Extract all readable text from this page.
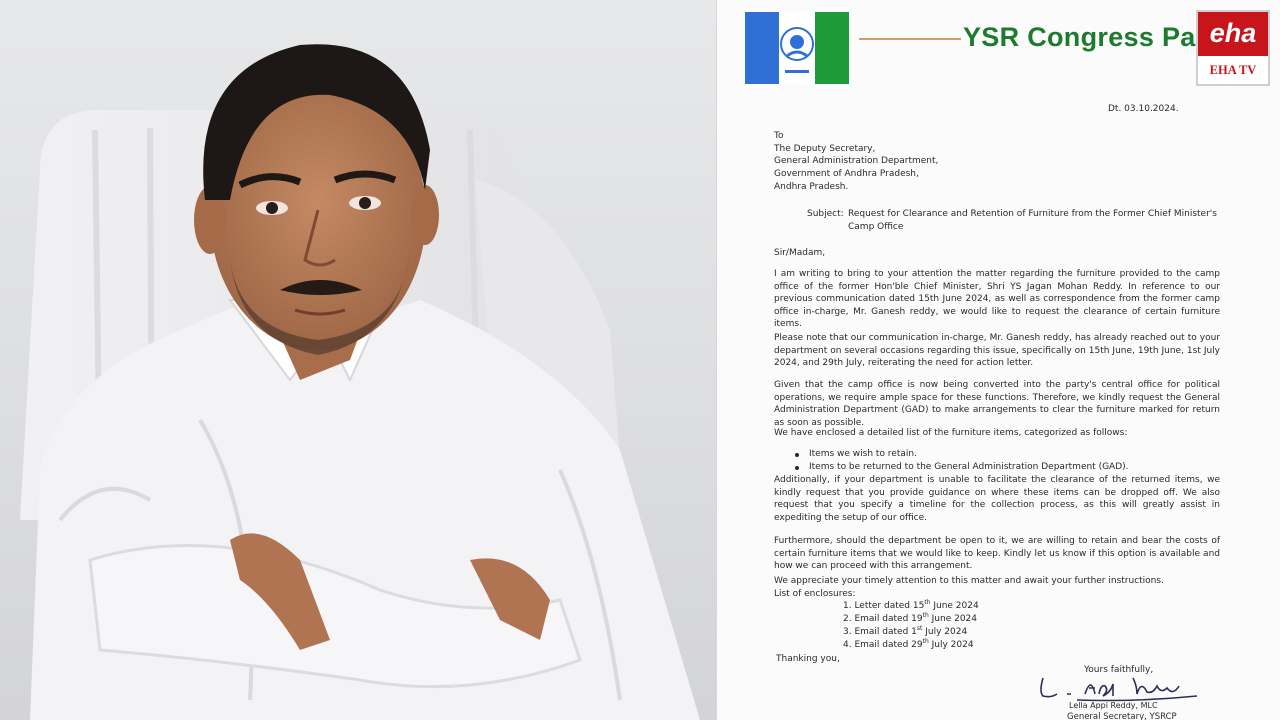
YSR Congress Pa
Dt. 03.10.2024.
To
The Deputy Secretary,
General Administration Department,
Government of Andhra Pradesh,
Andhra Pradesh.
Subject: Request for Clearance and Retention of Furniture from the Former Chief Minister's
Camp Office
Sir/Madam,
I am writing to bring to your attention the matter regarding the furniture provided to the camp office of the former Hon'ble Chief Minister, Shri YS Jagan Mohan Reddy. In reference to our previous communication dated 15th June 2024, as well as correspondence from the former camp office in-charge, Mr. Ganesh reddy, we would like to request the clearance of certain furniture items.
Please note that our communication in-charge, Mr. Ganesh reddy, has already reached out to your department on several occasions regarding this issue, specifically on 15th June, 19th June, 1st July 2024, and 29th July, reiterating the need for action letter.
Given that the camp office is now being converted into the party's central office for political operations, we require ample space for these functions. Therefore, we kindly request the General Administration Department (GAD) to make arrangements to clear the furniture marked for return as soon as possible.
We have enclosed a detailed list of the furniture items, categorized as follows:
Items we wish to retain.
Items to be returned to the General Administration Department (GAD).
Additionally, if your department is unable to facilitate the clearance of the returned items, we kindly request that you provide guidance on where these items can be dropped off. We also request that you specify a timeline for the collection process, as this will greatly assist in expediting the setup of our office.
Furthermore, should the department be open to it, we are willing to retain and bear the costs of certain furniture items that we would like to keep. Kindly let us know if this option is available and how we can proceed with this arrangement.
We appreciate your timely attention to this matter and await your further instructions.
List of enclosures:
1. Letter dated 15th June 2024
2. Email dated 19th June 2024
3. Email dated 1st July 2024
4. Email dated 29th July 2024
Thanking you,
Yours faithfully,
Lella Appi Reddy, MLC
General Secretary, YSRCP
eha
EHA TV
